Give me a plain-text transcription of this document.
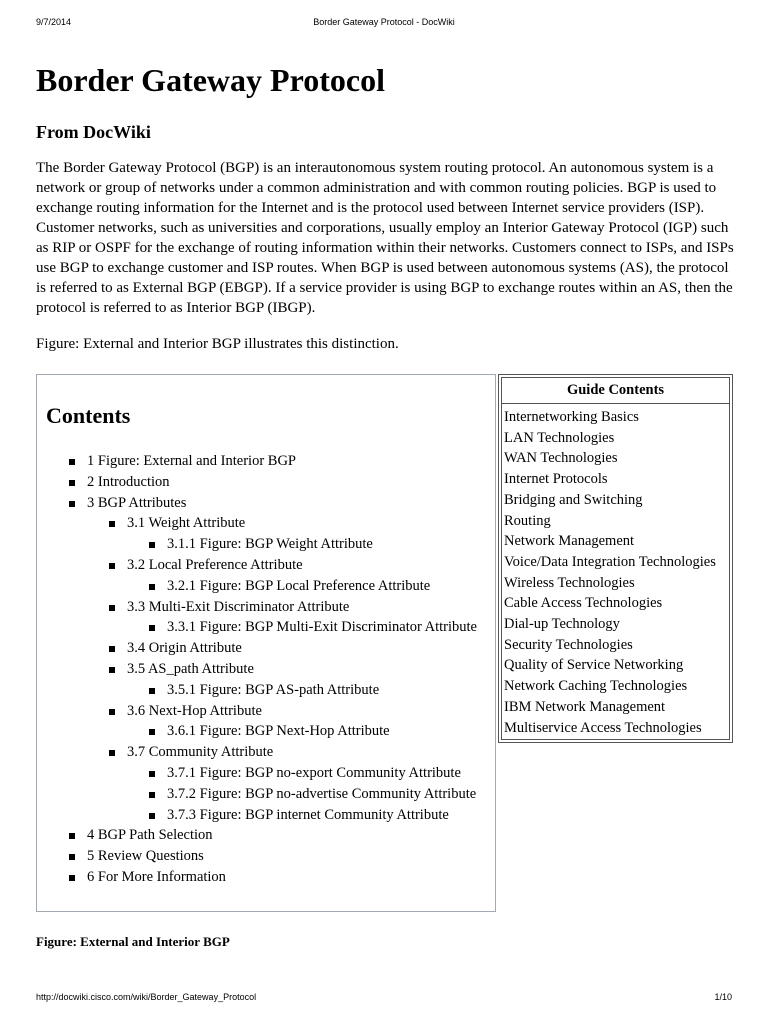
9/7/2014	Border Gateway Protocol - DocWiki
Border Gateway Protocol
From DocWiki

The Border Gateway Protocol (BGP) is an interautonomous system routing protocol. An autonomous system is a network or group of networks under a common administration and with common routing policies. BGP is used to exchange routing information for the Internet and is the protocol used between Internet service providers (ISP). Customer networks, such as universities and corporations, usually employ an Interior Gateway Protocol (IGP) such as RIP or OSPF for the exchange of routing information within their networks. Customers connect to ISPs, and ISPs use BGP to exchange customer and ISP routes. When BGP is used between autonomous systems (AS), the protocol is referred to as External BGP (EBGP). If a service provider is using BGP to exchange routes within an AS, then the protocol is referred to as Interior BGP (IBGP).

Figure: External and Interior BGP illustrates this distinction.

Contents
1 Figure: External and Interior BGP
2 Introduction
3 BGP Attributes
3.1 Weight Attribute
3.1.1 Figure: BGP Weight Attribute
3.2 Local Preference Attribute
3.2.1 Figure: BGP Local Preference Attribute
3.3 Multi-Exit Discriminator Attribute
3.3.1 Figure: BGP Multi-Exit Discriminator Attribute
3.4 Origin Attribute
3.5 AS_path Attribute
3.5.1 Figure: BGP AS-path Attribute
3.6 Next-Hop Attribute
3.6.1 Figure: BGP Next-Hop Attribute
3.7 Community Attribute
3.7.1 Figure: BGP no-export Community Attribute
3.7.2 Figure: BGP no-advertise Community Attribute
3.7.3 Figure: BGP internet Community Attribute
4 BGP Path Selection
5 Review Questions
6 For More Information
Guide Contents
Internetworking Basics
LAN Technologies
WAN Technologies
Internet Protocols
Bridging and Switching
Routing
Network Management
Voice/Data Integration Technologies
Wireless Technologies
Cable Access Technologies
Dial-up Technology
Security Technologies
Quality of Service Networking
Network Caching Technologies
IBM Network Management
Multiservice Access Technologies
Figure: External and Interior BGP
http://docwiki.cisco.com/wiki/Border_Gateway_Protocol	1/10
